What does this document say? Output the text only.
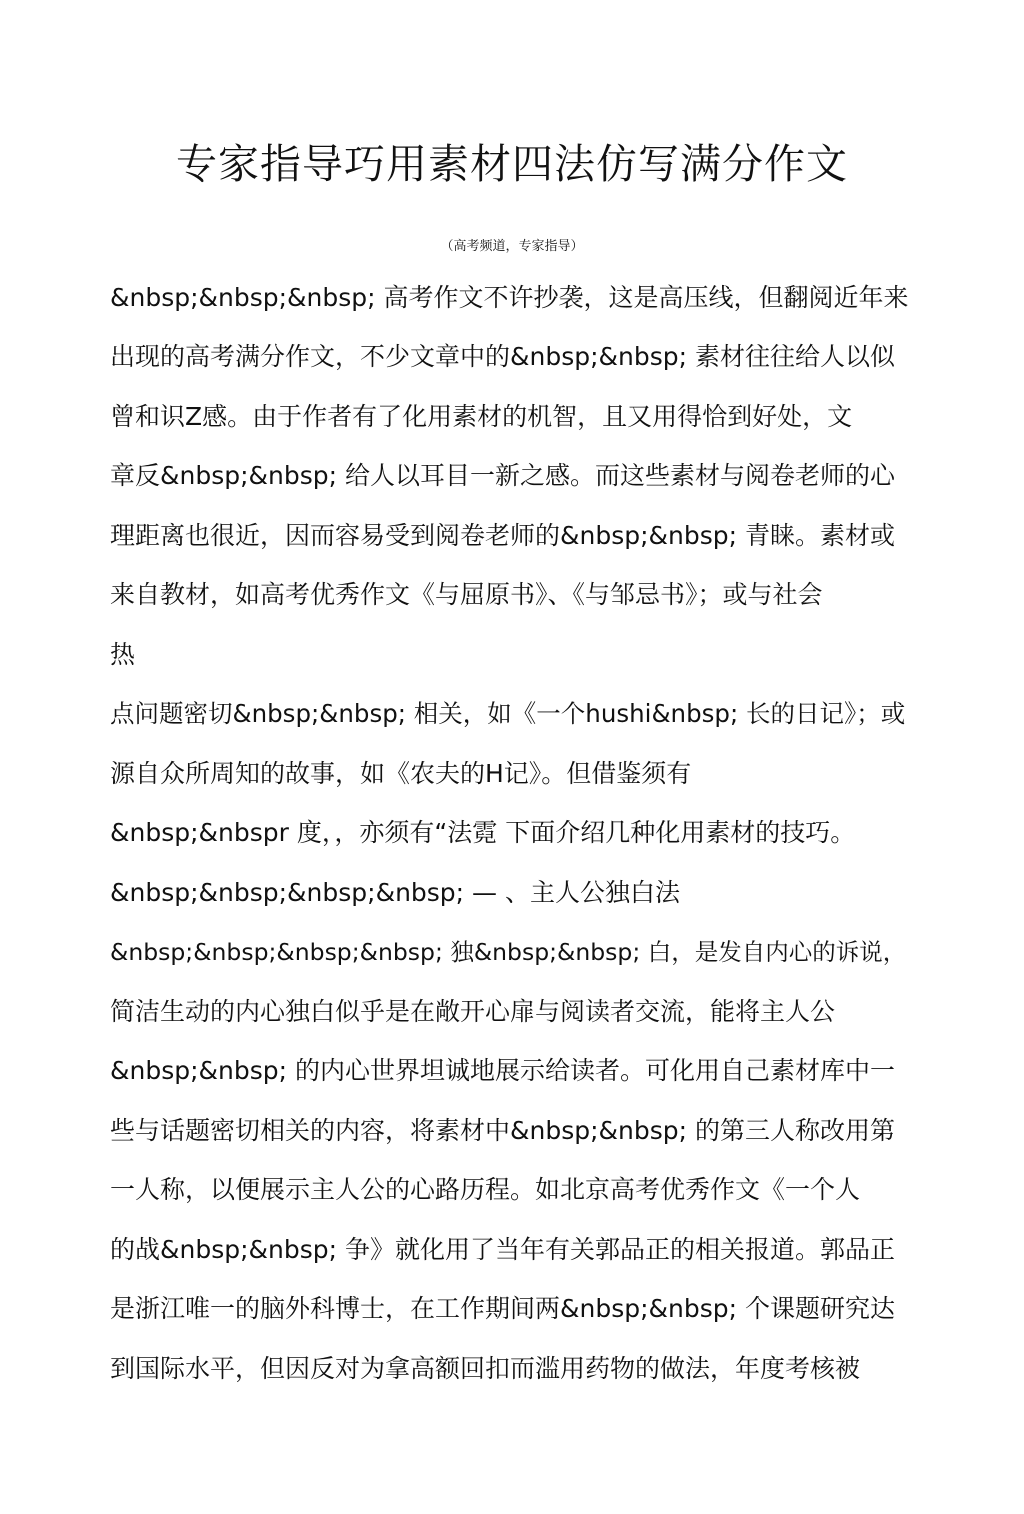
专家指导巧用素材四法仿写满分作文
（高考频道，专家指导）
&nbsp;&nbsp;&nbsp; 高考作文不许抄袭，这是高压线，但翻阅近年来
出现的高考满分作文，不少文章中的&nbsp;&nbsp; 素材往往给人以似
曾和识Z感。由于作者有了化用素材的机智，且又用得恰到好处，文
章反&nbsp;&nbsp; 给人以耳目一新之感。而这些素材与阅卷老师的心
理距离也很近，因而容易受到阅卷老师的&nbsp;&nbsp; 青睐。素材或
来自教材，如高考优秀作文《与屈原书》、《与邹忌书》；或与社会
热
点问题密切&nbsp;&nbsp; 相关，如《一个hushi&nbsp; 长的日记》；或
源自众所周知的故事，如《农夫的H记》。但借鉴须有
&nbsp;&nbspr 度，，亦须有“法霓 下面介绍几种化用素材的技巧。
&nbsp;&nbsp;&nbsp;&nbsp; — 、主人公独白法
&nbsp;&nbsp;&nbsp;&nbsp; 独&nbsp;&nbsp; 白，是发自内心的诉说，
简洁生动的内心独白似乎是在敞开心扉与阅读者交流，能将主人公
&nbsp;&nbsp; 的内心世界坦诚地展示给读者。可化用自己素材库中一
些与话题密切相关的内容，将素材中&nbsp;&nbsp; 的第三人称改用第
一人称，以便展示主人公的心路历程。如北京高考优秀作文《一个人
的战&nbsp;&nbsp; 争》就化用了当年有关郭品正的相关报道。郭品正
是浙江唯一的脑外科博士，在工作期间两&nbsp;&nbsp; 个课题研究达
到国际水平，但因反对为拿高额回扣而滥用药物的做法，年度考核被
